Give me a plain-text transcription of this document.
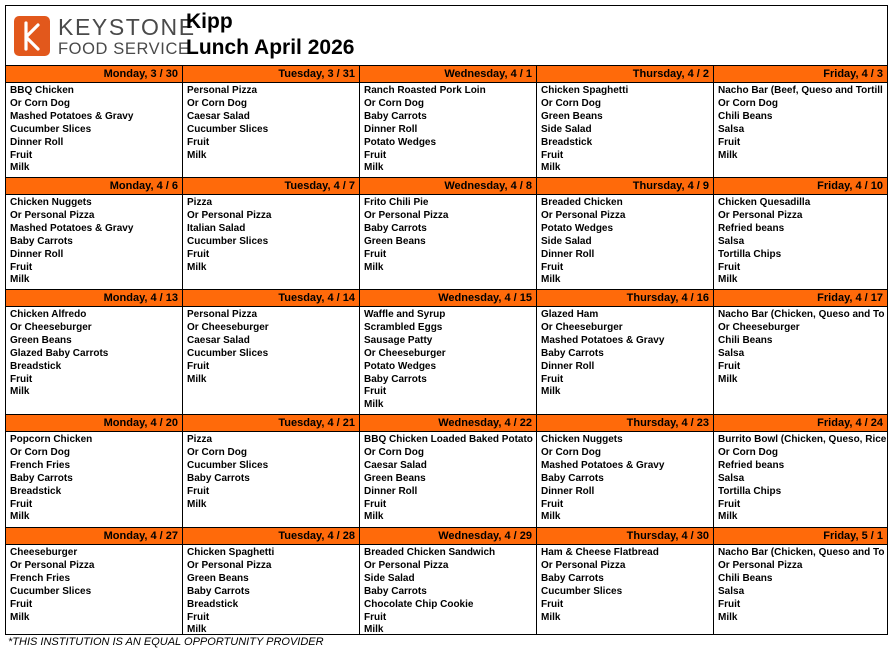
KEYSTONE
FOOD SERVICE
Kipp
Lunch April 2026
Monday, 3 / 30
BBQ Chicken
Or Corn Dog
Mashed Potatoes & Gravy
Cucumber Slices
Dinner Roll
Fruit
Milk
Tuesday, 3 / 31
Personal Pizza
Or Corn Dog
Caesar Salad
Cucumber Slices
Fruit
Milk
Wednesday, 4 / 1
Ranch Roasted Pork Loin
Or Corn Dog
Baby Carrots
Dinner Roll
Potato Wedges
Fruit
Milk
Thursday, 4 / 2
Chicken Spaghetti
Or Corn Dog
Green Beans
Side Salad
Breadstick
Fruit
Milk
Friday, 4 / 3
Nacho Bar (Beef, Queso and Tortill
Or Corn Dog
Chili Beans
Salsa
Fruit
Milk
Monday, 4 / 6
Chicken Nuggets
Or Personal Pizza
Mashed Potatoes & Gravy
Baby Carrots
Dinner Roll
Fruit
Milk
Tuesday, 4 / 7
Pizza
Or Personal Pizza
Italian Salad
Cucumber Slices
Fruit
Milk
Wednesday, 4 / 8
Frito Chili Pie
Or Personal Pizza
Baby Carrots
Green Beans
Fruit
Milk
Thursday, 4 / 9
Breaded Chicken
Or Personal Pizza
Potato Wedges
Side Salad
Dinner Roll
Fruit
Milk
Friday, 4 / 10
Chicken Quesadilla
Or Personal Pizza
Refried beans
Salsa
Tortilla Chips
Fruit
Milk
Monday, 4 / 13
Chicken Alfredo
Or Cheeseburger
Green Beans
Glazed Baby Carrots
Breadstick
Fruit
Milk
Tuesday, 4 / 14
Personal Pizza
Or Cheeseburger
Caesar Salad
Cucumber Slices
Fruit
Milk
Wednesday, 4 / 15
Waffle and Syrup
Scrambled Eggs
Sausage Patty
Or Cheeseburger
Potato Wedges
Baby Carrots
Fruit
Milk
Thursday, 4 / 16
Glazed Ham
Or Cheeseburger
Mashed Potatoes & Gravy
Baby Carrots
Dinner Roll
Fruit
Milk
Friday, 4 / 17
Nacho Bar (Chicken, Queso and To
Or Cheeseburger
Chili Beans
Salsa
Fruit
Milk
Monday, 4 / 20
Popcorn Chicken
Or Corn Dog
French Fries
Baby Carrots
Breadstick
Fruit
Milk
Tuesday, 4 / 21
Pizza
Or Corn Dog
Cucumber Slices
Baby Carrots
Fruit
Milk
Wednesday, 4 / 22
BBQ Chicken Loaded Baked Potato
Or Corn Dog
Caesar Salad
Green Beans
Dinner Roll
Fruit
Milk
Thursday, 4 / 23
Chicken Nuggets
Or Corn Dog
Mashed Potatoes & Gravy
Baby Carrots
Dinner Roll
Fruit
Milk
Friday, 4 / 24
Burrito Bowl (Chicken, Queso, Rice
Or Corn Dog
Refried beans
Salsa
Tortilla Chips
Fruit
Milk
Monday, 4 / 27
Cheeseburger
Or Personal Pizza
French Fries
Cucumber Slices
Fruit
Milk
Tuesday, 4 / 28
Chicken Spaghetti
Or Personal Pizza
Green Beans
Baby Carrots
Breadstick
Fruit
Milk
Wednesday, 4 / 29
Breaded Chicken Sandwich
Or Personal Pizza
Side Salad
Baby Carrots
Chocolate Chip Cookie
Fruit
Milk
Thursday, 4 / 30
Ham & Cheese Flatbread
Or Personal Pizza
Baby Carrots
Cucumber Slices
Fruit
Milk
Friday, 5 / 1
Nacho Bar (Chicken, Queso and To
Or Personal Pizza
Chili Beans
Salsa
Fruit
Milk
*THIS INSTITUTION IS AN EQUAL OPPORTUNITY PROVIDER
